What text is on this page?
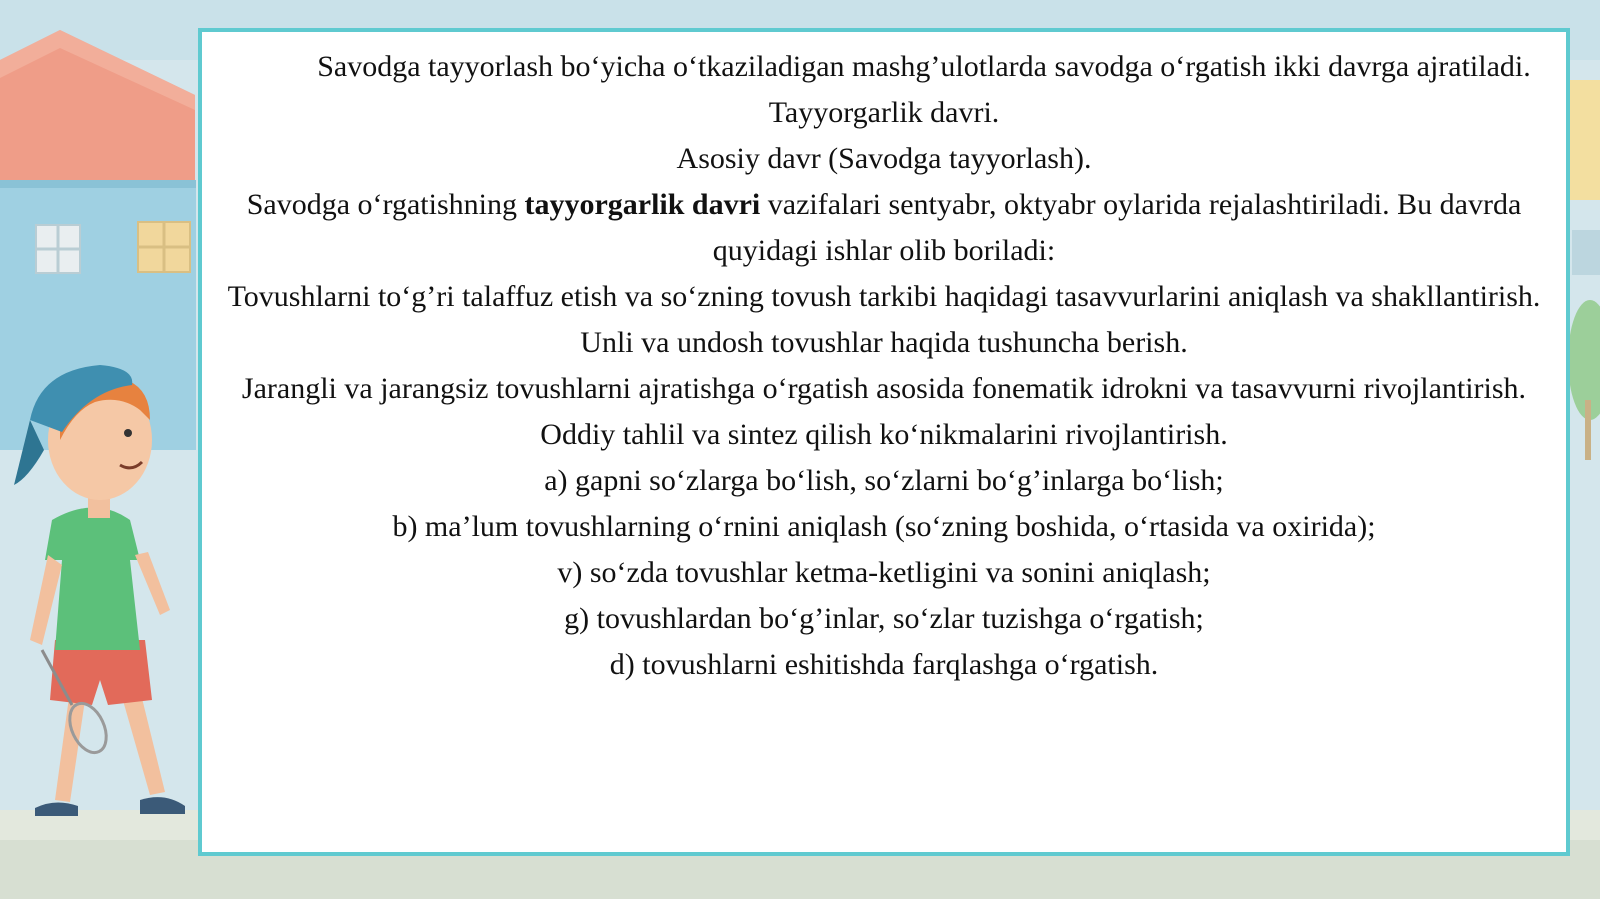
Savodga tayyorlash bo‘yicha o‘tkaziladigan mashg’ulotlarda savodga o‘rgatish ikki davrga ajratiladi.

Tayyorgarlik davri.

Asosiy davr (Savodga tayyorlash).

Savodga o‘rgatishning tayyorgarlik davri vazifalari sentyabr, oktyabr oylarida rejalashtiriladi. Bu davrda quyidagi ishlar olib boriladi:

Tovushlarni to‘g’ri talaffuz etish va so‘zning tovush tarkibi haqidagi tasavvurlarini aniqlash va shakllantirish.

Unli va undosh tovushlar haqida tushuncha berish.

Jarangli va jarangsiz tovushlarni ajratishga o‘rgatish asosida fonematik idrokni va tasavvurni rivojlantirish.

Oddiy tahlil va sintez qilish ko‘nikmalarini rivojlantirish.

a) gapni so‘zlarga bo‘lish, so‘zlarni bo‘g’inlarga bo‘lish;

b) ma’lum tovushlarning o‘rnini aniqlash (so‘zning boshida, o‘rtasida va oxirida);

v) so‘zda tovushlar ketma-ketligini va sonini aniqlash;

g) tovushlardan bo‘g’inlar, so‘zlar tuzishga o‘rgatish;

d) tovushlarni eshitishda farqlashga o‘rgatish.
